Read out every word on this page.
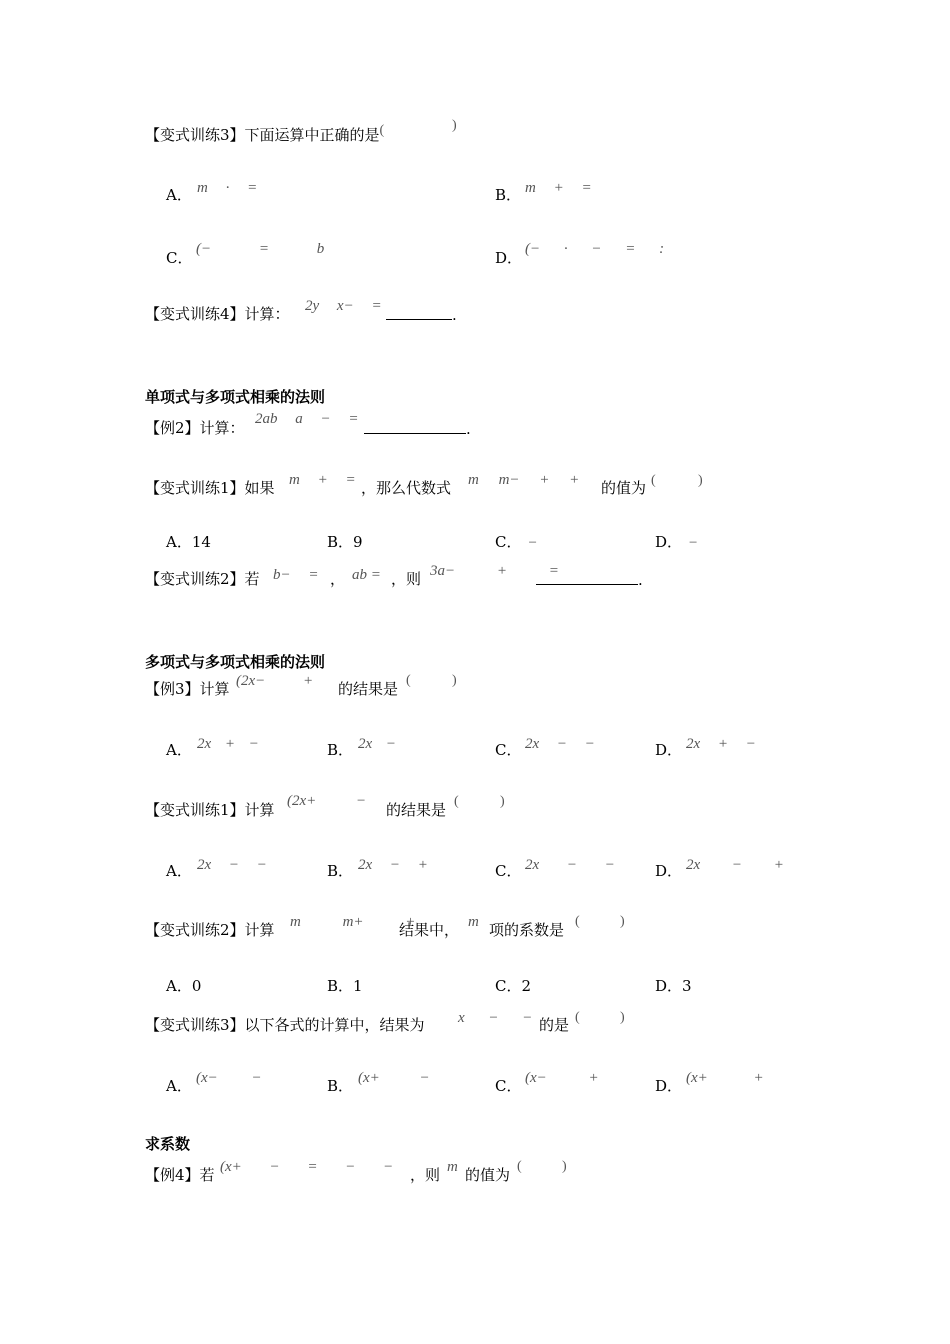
【变式训练3】下面运算中正确的是(	)
A． m · =	B． m + =
C． (− = b	D． (− · − = :
【变式训练4】计算： 2y x− =	.
单项式与多项式相乘的法则
【例2】计算： 2ab a − =
.
【变式训练1】如果 m + = ，那么代数式 m m− + + 的值为 (	)
A．14	B．9	C． −	D． −
【变式训练2】若 b− = ， ab = ，则 3a− + =	.
多项式与多项式相乘的法则
【例3】计算 (2x− + 的结果是 (	)
A． 2x + −	B． 2x −	C． 2x − −	D． 2x + −
【变式训练1】计算 (2x+ − 的结果是 (	)
A． 2x − −	B． 2x − +	C． 2x − −	D． 2x − +
【变式训练2】计算 m m+ +
结果中， m 项的系数是 (	)
A．0	B．1	C．2	D．3
【变式训练3】以下各式的计算中，结果为 x − − 的是 (	)
A． (x− −	B． (x+ −	C． (x− +	D． (x+ +
求系数
【例4】若 (x+ − = − − ，则 m 的值为 (	)
